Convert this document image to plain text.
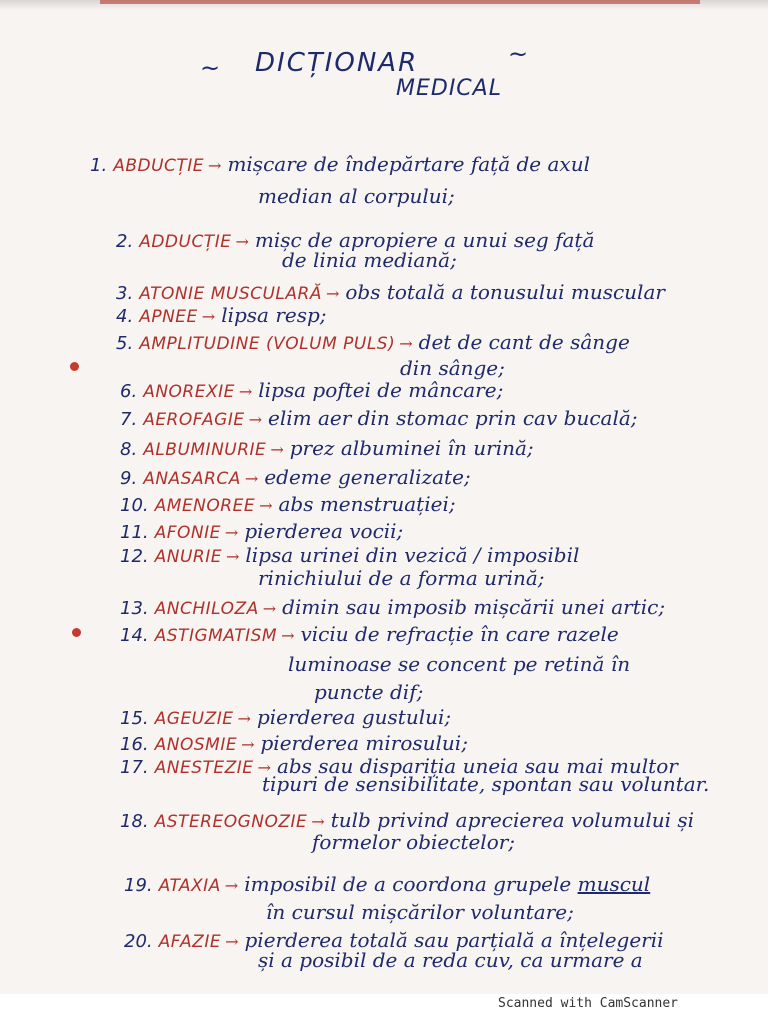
~ DICȚIONAR	~
MEDICAL
1. ABDUCȚIE → mișcare de îndepărtare față de axul
median al corpului;
2. ADDUCȚIE → mișc de apropiere a unui seg față
de linia mediană;
3. ATONIE MUSCULARĂ → obs totală a tonusului muscular
4. APNEE → lipsa resp;
5. AMPLITUDINE (VOLUM PULS) → det de cant de sânge
din sânge;
6. ANOREXIE → lipsa poftei de mâncare;
7. AEROFAGIE → elim aer din stomac prin cav bucală;
8. ALBUMINURIE → prez albuminei în urină;
9. ANASARCA → edeme generalizate;
10. AMENOREE → abs menstruației;
11. AFONIE → pierderea vocii;
12. ANURIE → lipsa urinei din vezică / imposibil
rinichiului de a forma urină;
13. ANCHILOZA → dimin sau imposib mișcării unei artic;
14. ASTIGMATISM → viciu de refracție în care razele
luminoase se concent pe retină în
puncte dif;
15. AGEUZIE → pierderea gustului;
16. ANOSMIE → pierderea mirosului;
17. ANESTEZIE → abs sau dispariția uneia sau mai multor
tipuri de sensibilitate, spontan sau voluntar.
18. ASTEREOGNOZIE → tulb privind aprecierea volumului și
formelor obiectelor;
19. ATAXIA → imposibil de a coordona grupele muscul
în cursul mișcărilor voluntare;
20. AFAZIE → pierderea totală sau parțială a înțelegerii
și a posibil de a reda cuv, ca urmare a
Scanned with CamScanner
